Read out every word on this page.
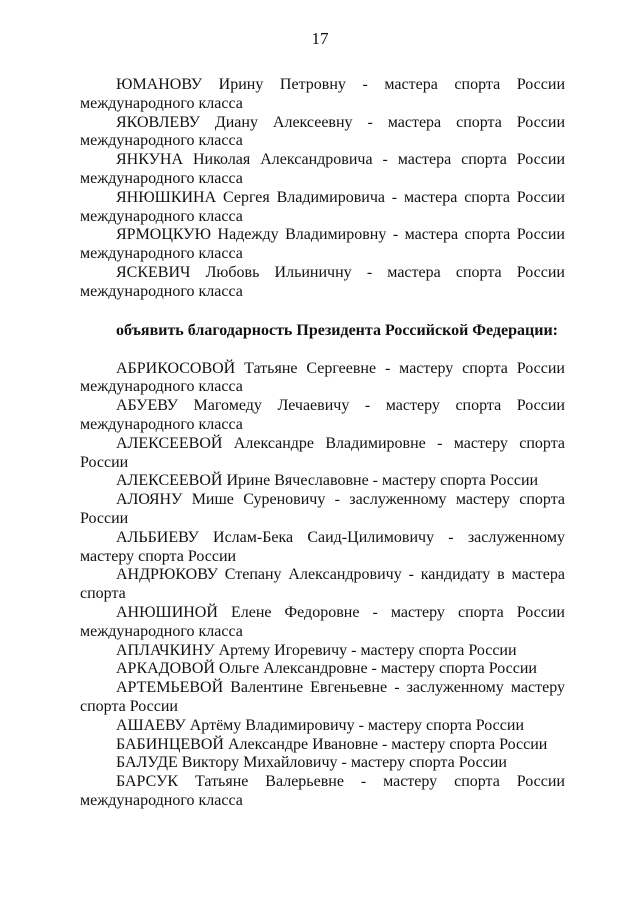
17

ЮМАНОВУ Ирину Петровну - мастера спорта России международного класса

ЯКОВЛЕВУ Диану Алексеевну - мастера спорта России международного класса

ЯНКУНА Николая Александровича - мастера спорта России международного класса

ЯНЮШКИНА Сергея Владимировича - мастера спорта России международного класса

ЯРМОЦКУЮ Надежду Владимировну - мастера спорта России международного класса

ЯСКЕВИЧ Любовь Ильиничну - мастера спорта России международного класса

объявить благодарность Президента Российской Федерации:

АБРИКОСОВОЙ Татьяне Сергеевне - мастеру спорта России международного класса

АБУЕВУ Магомеду Лечаевичу - мастеру спорта России международного класса

АЛЕКСЕЕВОЙ Александре Владимировне - мастеру спорта России

АЛЕКСЕЕВОЙ Ирине Вячеславовне - мастеру спорта России

АЛОЯНУ Мише Суреновичу - заслуженному мастеру спорта России

АЛЬБИЕВУ Ислам-Бека Саид-Цилимовичу - заслуженному мастеру спорта России

АНДРЮКОВУ Степану Александровичу - кандидату в мастера спорта

АНЮШИНОЙ Елене Федоровне - мастеру спорта России международного класса

АПЛАЧКИНУ Артему Игоревичу - мастеру спорта России

АРКАДОВОЙ Ольге Александровне - мастеру спорта России

АРТЕМЬЕВОЙ Валентине Евгеньевне - заслуженному мастеру спорта России

АШАЕВУ Артёму Владимировичу - мастеру спорта России

БАБИНЦЕВОЙ Александре Ивановне - мастеру спорта России

БАЛУДЕ Виктору Михайловичу - мастеру спорта России

БАРСУК Татьяне Валерьевне - мастеру спорта России международного класса
